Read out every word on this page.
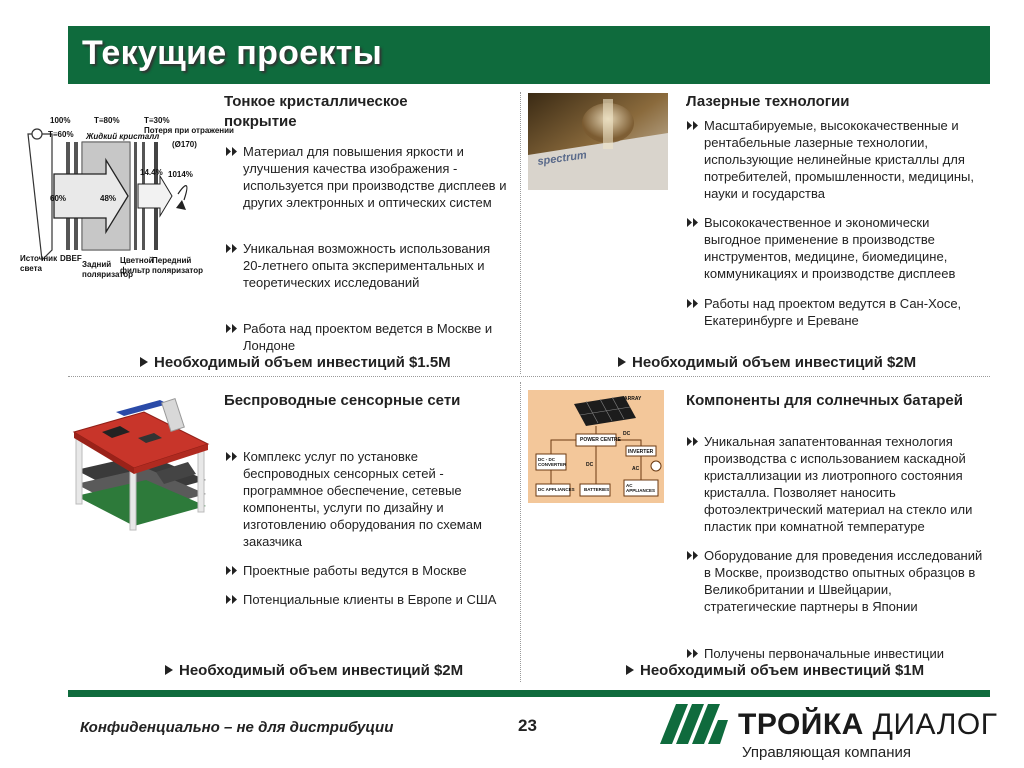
Текущие проекты
100%
T≡60%
T≡80%
Жидкий кристалл
T≡30%
Потеря при отражении
(Ø170)
60%	48%
14.4% 1014%
Источник света
DBEF
Задний поляризатор
Цветной фильтр
Передний поляризатор
Тонкое кристаллическое покрытие
Материал для повышения яркости и улучшения качества изображения - используется при производстве дисплеев и других электронных и оптических систем
Уникальная возможность использования 20-летнего опыта экспериментальных и теоретических исследований
Работа над проектом ведется в Москве и Лондоне
Необходимый объем инвестиций $1.5M
spectrum
Лазерные технологии
Масштабируемые, высококачественные и рентабельные лазерные технологии, использующие нелинейные кристаллы для потребителей, промышленности, медицины, науки и государства
Высококачественное и экономически выгодное применение в производстве инструментов, медицине, биомедицине, коммуникациях и производстве дисплеев
Работы над проектом ведутся в Сан-Хосе, Екатеринбурге и Ереване
Необходимый объем инвестиций $2M
Беспроводные сенсорные сети
Комплекс услуг по установке беспроводных сенсорных сетей - программное обеспечение, сетевые компоненты, услуги по дизайну и изготовлению оборудования по схемам заказчика
Проектные работы ведутся в Москве
Потенциальные клиенты в Европе и США
Необходимый объем инвестиций $2M
ARRAY
POWER CENTRE
DC
DC - DC CONVERTER	DC
INVERTER
AC
DC APPLIANCES BATTERIES
AC APPLIANCES
Компоненты для солнечных батарей
Уникальная запатентованная технология производства с использованием каскадной кристаллизации из лиотропного состояния кристалла. Позволяет наносить фотоэлектрический материал на стекло или пластик при комнатной температуре
Оборудование для проведения исследований в Москве, производство опытных образцов в Великобритании и Швейцарии, стратегические партнеры в Японии
Получены первоначальные инвестиции
Необходимый объем инвестиций $1M
Конфиденциально – не для дистрибуции	23	ТРОЙКА ДИАЛОГ
Управляющая компания
